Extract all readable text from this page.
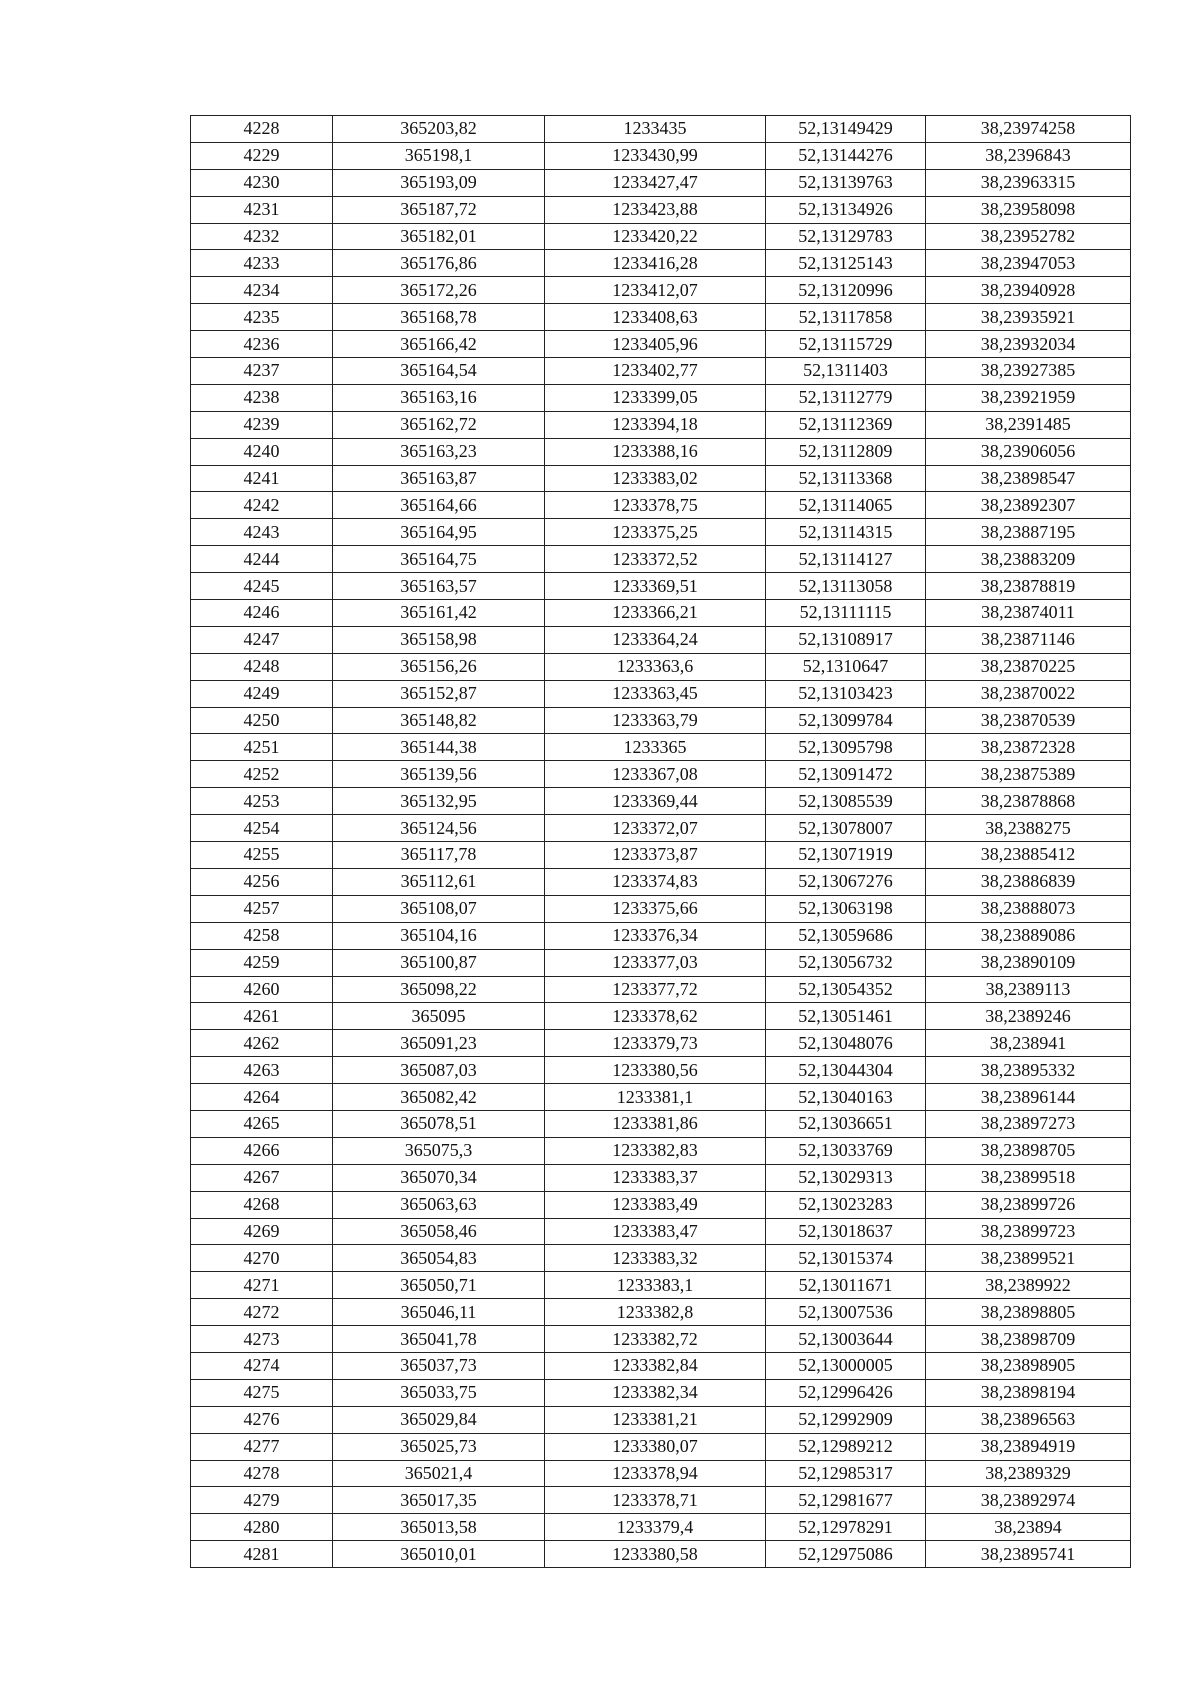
4228	365203,82	1233435	52,13149429	38,23974258
4229	365198,1	1233430,99	52,13144276	38,2396843
4230	365193,09	1233427,47	52,13139763	38,23963315
4231	365187,72	1233423,88	52,13134926	38,23958098
4232	365182,01	1233420,22	52,13129783	38,23952782
4233	365176,86	1233416,28	52,13125143	38,23947053
4234	365172,26	1233412,07	52,13120996	38,23940928
4235	365168,78	1233408,63	52,13117858	38,23935921
4236	365166,42	1233405,96	52,13115729	38,23932034
4237	365164,54	1233402,77	52,1311403	38,23927385
4238	365163,16	1233399,05	52,13112779	38,23921959
4239	365162,72	1233394,18	52,13112369	38,2391485
4240	365163,23	1233388,16	52,13112809	38,23906056
4241	365163,87	1233383,02	52,13113368	38,23898547
4242	365164,66	1233378,75	52,13114065	38,23892307
4243	365164,95	1233375,25	52,13114315	38,23887195
4244	365164,75	1233372,52	52,13114127	38,23883209
4245	365163,57	1233369,51	52,13113058	38,23878819
4246	365161,42	1233366,21	52,13111115	38,23874011
4247	365158,98	1233364,24	52,13108917	38,23871146
4248	365156,26	1233363,6	52,1310647	38,23870225
4249	365152,87	1233363,45	52,13103423	38,23870022
4250	365148,82	1233363,79	52,13099784	38,23870539
4251	365144,38	1233365	52,13095798	38,23872328
4252	365139,56	1233367,08	52,13091472	38,23875389
4253	365132,95	1233369,44	52,13085539	38,23878868
4254	365124,56	1233372,07	52,13078007	38,2388275
4255	365117,78	1233373,87	52,13071919	38,23885412
4256	365112,61	1233374,83	52,13067276	38,23886839
4257	365108,07	1233375,66	52,13063198	38,23888073
4258	365104,16	1233376,34	52,13059686	38,23889086
4259	365100,87	1233377,03	52,13056732	38,23890109
4260	365098,22	1233377,72	52,13054352	38,2389113
4261	365095	1233378,62	52,13051461	38,2389246
4262	365091,23	1233379,73	52,13048076	38,238941
4263	365087,03	1233380,56	52,13044304	38,23895332
4264	365082,42	1233381,1	52,13040163	38,23896144
4265	365078,51	1233381,86	52,13036651	38,23897273
4266	365075,3	1233382,83	52,13033769	38,23898705
4267	365070,34	1233383,37	52,13029313	38,23899518
4268	365063,63	1233383,49	52,13023283	38,23899726
4269	365058,46	1233383,47	52,13018637	38,23899723
4270	365054,83	1233383,32	52,13015374	38,23899521
4271	365050,71	1233383,1	52,13011671	38,2389922
4272	365046,11	1233382,8	52,13007536	38,23898805
4273	365041,78	1233382,72	52,13003644	38,23898709
4274	365037,73	1233382,84	52,13000005	38,23898905
4275	365033,75	1233382,34	52,12996426	38,23898194
4276	365029,84	1233381,21	52,12992909	38,23896563
4277	365025,73	1233380,07	52,12989212	38,23894919
4278	365021,4	1233378,94	52,12985317	38,2389329
4279	365017,35	1233378,71	52,12981677	38,23892974
4280	365013,58	1233379,4	52,12978291	38,23894
4281	365010,01	1233380,58	52,12975086	38,23895741
